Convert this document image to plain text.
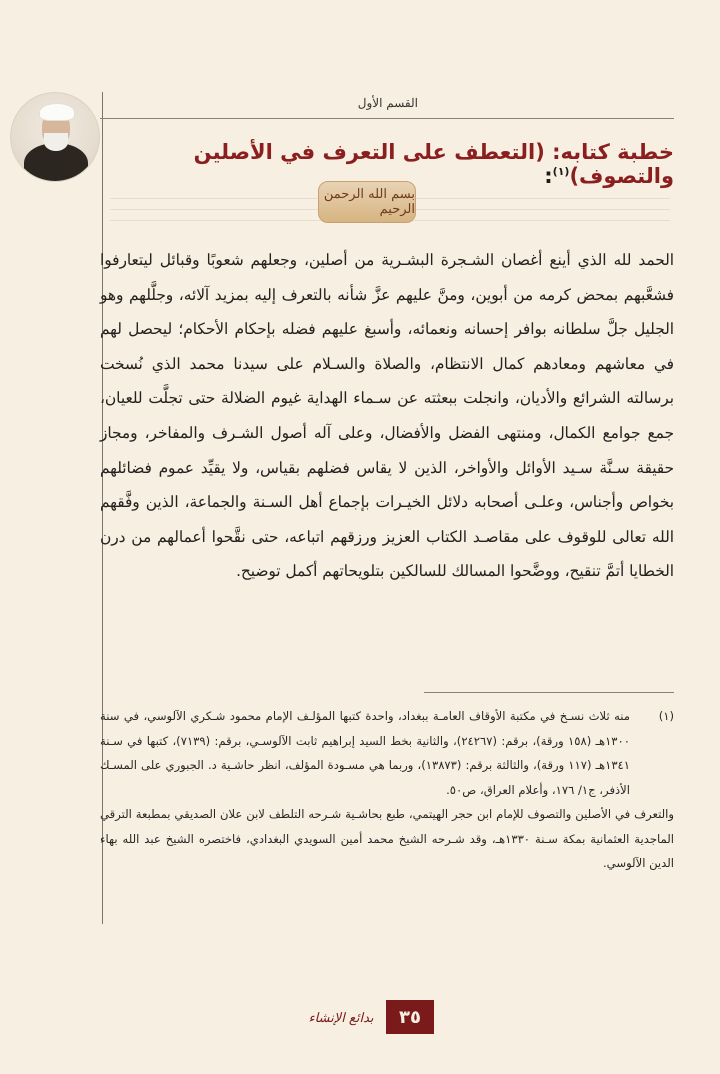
القسم الأول
خطبة كتابه: (التعطف على التعرف في الأصلين والتصوف)$^{(١)}$:
بسم الله الرحمن الرحيم
الحمد لله الذي أينع أغصان الشـجرة البشـرية من أصلين، وجعلهم شعوبًا وقبائل ليتعارفوا فشعَّبهم بمحض كرمه من أبوين، ومنَّ عليهم عزَّ شأنه بالتعرف إليه بمزيد آلائه، وجلَّلهم وهو الجليل جلَّ سلطانه بوافر إحسانه ونعمائه، وأسبغ عليهم فضله بإحكام الأحكام؛ ليحصل لهم في معاشهم ومعادهم كمال الانتظام، والصلاة والسـلام على سيدنا محمد الذي نُسخت برسالته الشرائع والأديان، وانجلت ببعثته عن سـماء الهداية غيوم الضلالة حتى تجلَّت للعيان، جمع جوامع الكمال، ومنتهى الفضل والأفضال، وعلى آله أصول الشـرف والمفاخر، ومجاز حقيقة سـنَّة سـيد الأوائل والأواخر، الذين لا يقاس فضلهم بقياس، ولا يقيِّد عموم فضائلهم بخواص وأجناس، وعلـى أصحابه دلائل الخيـرات بإجماع أهل السـنة والجماعة، الذين وفَّقهم الله تعالى للوقوف على مقاصـد الكتاب العزيز ورزقهم اتباعه، حتى نقَّحوا أعمالهم من درن الخطايا أتمَّ تنقيح، ووضَّحوا المسالك للسالكين بتلويحاتهم أكمل توضيح.
(١)
منه ثلاث نسـخ في مكتبة الأوقاف العامـة ببغداد، واحدة كتبها المؤلـف الإمام محمود شـكري الآلوسي، في سنة ١٣٠٠هـ (١٥٨ ورقة)، برقم: (٢٤٢٦٧)، والثانية بخط السيد إبراهيم ثابت الآلوسـي، برقم: (٧١٣٩)، كتبها في سـنة ١٣٤١هـ (١١٧ ورقة)، والثالثة برقم: (١٣٨٧٣)، وربما هي مسـودة المؤلف، انظر حاشـية د. الجبوري على المسـك الأذفر، ج١/ ١٧٦، وأعلام العراق، ص٥٠.
والتعرف في الأصلين والتصوف للإمام ابن حجر الهيتمي، طبع بحاشـية شـرحه التلطف لابن علان الصديقي بمطبعة الترقي الماجدية العثمانية بمكة سـنة ١٣٣٠هـ، وقد شـرحه الشيخ محمد أمين السويدي البغدادي، فاختصره الشيخ عبد الله بهاء الدين الآلوسي.
بدائع الإنشاء	٣٥
